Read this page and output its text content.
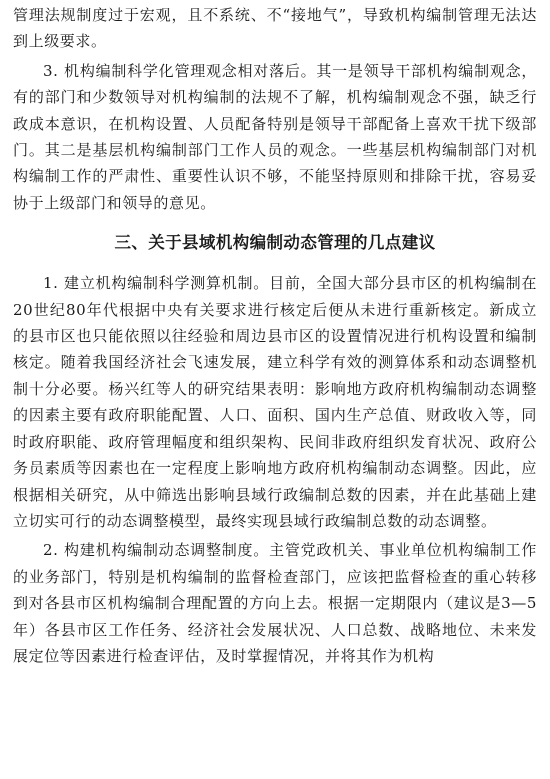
管理法规制度过于宏观，且不系统、不“接地气”，导致机构编制管理无法达到上级要求。

3. 机构编制科学化管理观念相对落后。其一是领导干部机构编制观念，有的部门和少数领导对机构编制的法规不了解，机构编制观念不强，缺乏行政成本意识，在机构设置、人员配备特别是领导干部配备上喜欢干扰下级部门。其二是基层机构编制部门工作人员的观念。一些基层机构编制部门对机构编制工作的严肃性、重要性认识不够，不能坚持原则和排除干扰，容易妥协于上级部门和领导的意见。

三、关于县域机构编制动态管理的几点建议

1. 建立机构编制科学测算机制。目前，全国大部分县市区的机构编制在20世纪80年代根据中央有关要求进行核定后便从未进行重新核定。新成立的县市区也只能依照以往经验和周边县市区的设置情况进行机构设置和编制核定。随着我国经济社会飞速发展，建立科学有效的测算体系和动态调整机制十分必要。杨兴红等人的研究结果表明：影响地方政府机构编制动态调整的因素主要有政府职能配置、人口、面积、国内生产总值、财政收入等，同时政府职能、政府管理幅度和组织架构、民间非政府组织发育状况、政府公务员素质等因素也在一定程度上影响地方政府机构编制动态调整。因此，应根据相关研究，从中筛选出影响县域行政编制总数的因素，并在此基础上建立切实可行的动态调整模型，最终实现县域行政编制总数的动态调整。

2. 构建机构编制动态调整制度。主管党政机关、事业单位机构编制工作的业务部门，特别是机构编制的监督检查部门，应该把监督检查的重心转移到对各县市区机构编制合理配置的方向上去。根据一定期限内（建议是3—5年）各县市区工作任务、经济社会发展状况、人口总数、战略地位、未来发展定位等因素进行检查评估，及时掌握情况，并将其作为机构
